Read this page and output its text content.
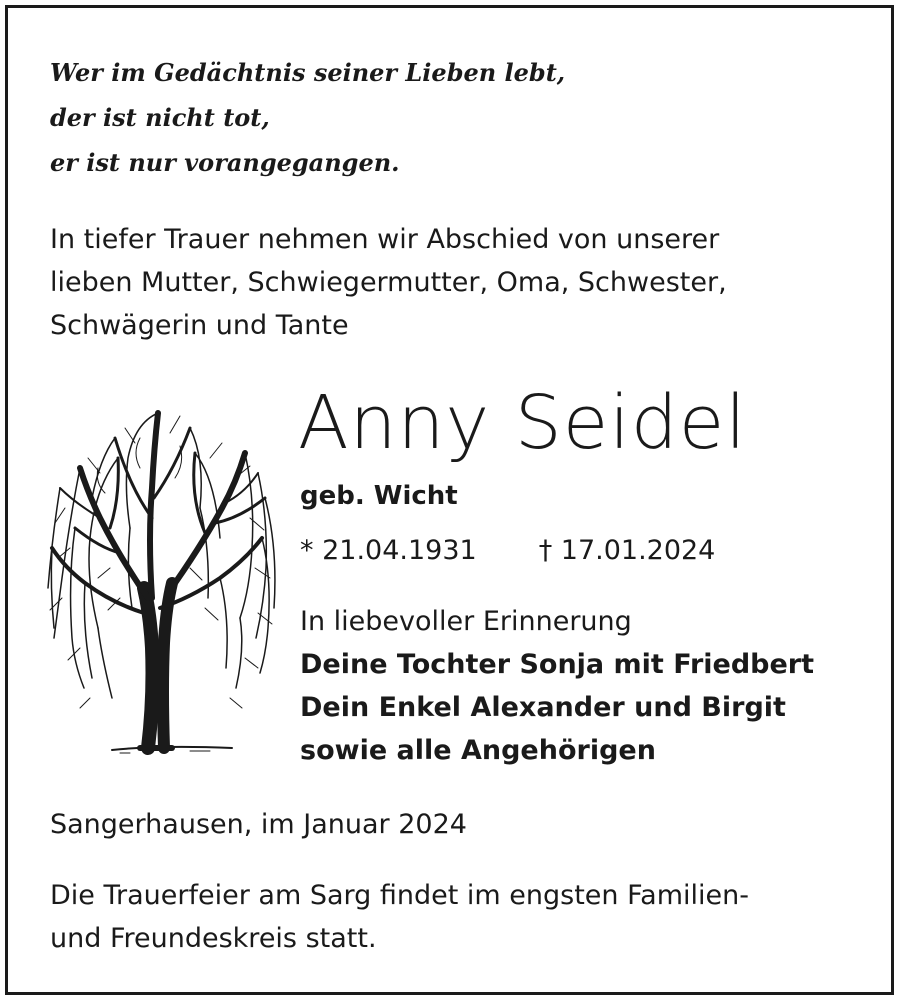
Wer im Gedächtnis seiner Lieben lebt,
der ist nicht tot,
er ist nur vorangegangen.
In tiefer Trauer nehmen wir Abschied von unserer
lieben Mutter, Schwiegermutter, Oma, Schwester,
Schwägerin und Tante
Anny Seidel
geb. Wicht
* 21.04.1931 † 17.01.2024
In liebevoller Erinnerung
Deine Tochter Sonja mit Friedbert
Dein Enkel Alexander und Birgit
sowie alle Angehörigen
Sangerhausen, im Januar 2024
Die Trauerfeier am Sarg findet im engsten Familien-
und Freundeskreis statt.
